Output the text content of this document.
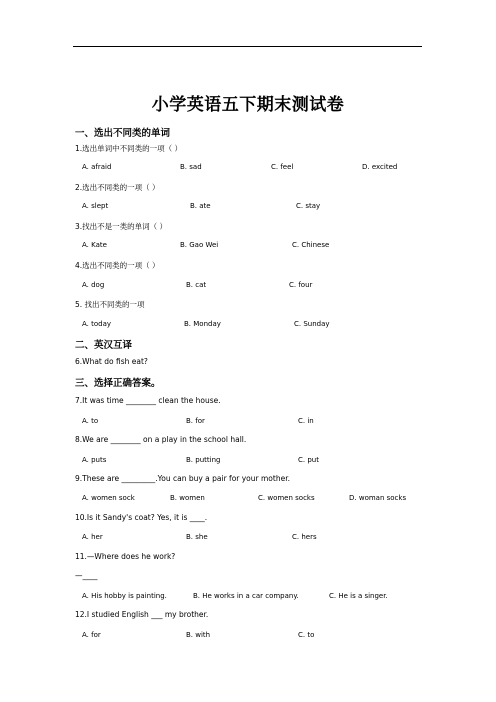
小学英语五下期末测试卷
一、选出不同类的单词
1.选出单词中不同类的一项（ ）
A. afraid	B. sad	C. feel	D. excited
2.选出不同类的一项（ ）
A. slept	B. ate	C. stay
3.找出不是一类的单词（ ）
A. Kate	B. Gao Wei	C. Chinese
4.选出不同类的一项（ ）
A. dog	B. cat	C. four
5. 找出不同类的一项
A. today	B. Monday	C. Sunday
二、英汉互译
6.What do fish eat?
三、选择正确答案。
7.It was time ________ clean the house.
A. to	B. for	C. in
8.We are ________ on a play in the school hall.
A. puts	B. putting	C. put
9.These are _________.You can buy a pair for your mother.
A. women sock	B. women	C. women socks	D. woman socks
10.Is it Sandy's coat? Yes, it is ____.
A. her	B. she	C. hers
11.—Where does he work?
—____
A. His hobby is painting.	B. He works in a car company.	C. He is a singer.
12.I studied English ___ my brother.
A. for	B. with	C. to
